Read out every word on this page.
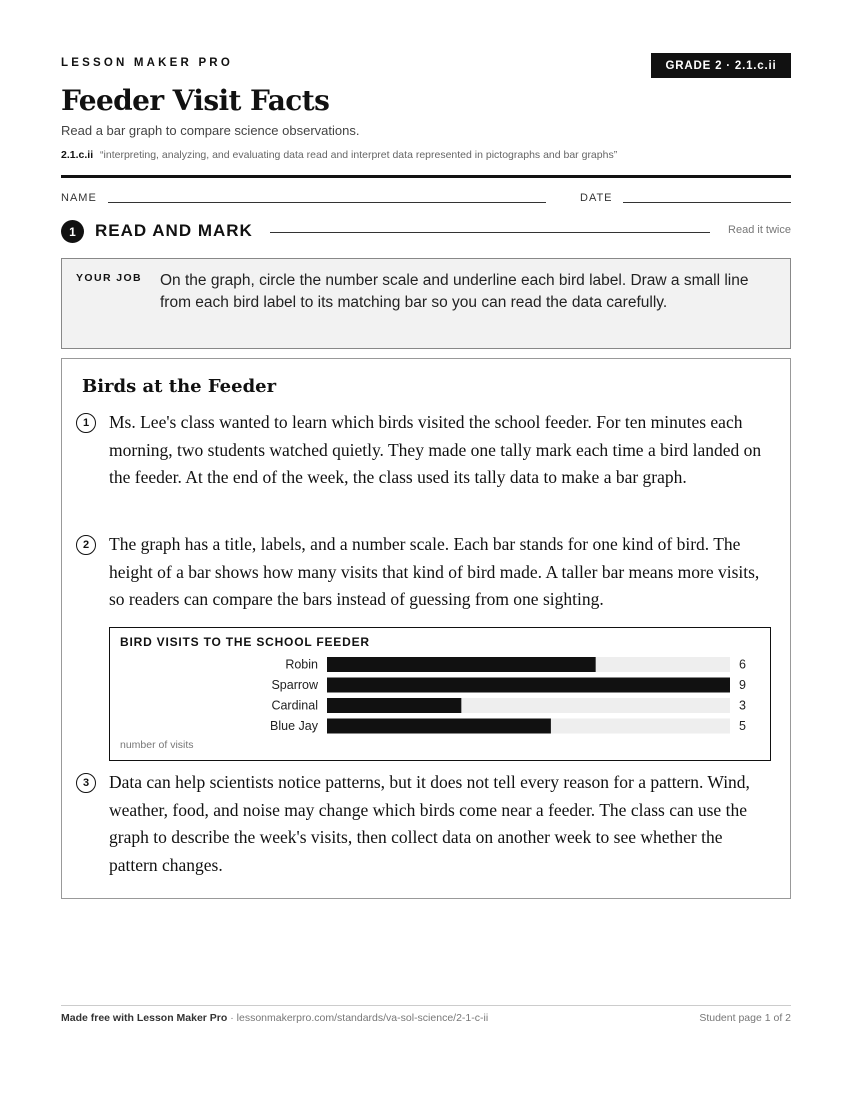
LESSON MAKER PRO	GRADE 2 · 2.1.c.ii
Feeder Visit Facts
Read a bar graph to compare science observations.
2.1.c.ii “interpreting, analyzing, and evaluating data read and interpret data represented in pictographs and bar graphs”
NAME	DATE
1	READ AND MARK	Read it twice
YOUR JOB On the graph, circle the number scale and underline each bird label. Draw a small line from each bird label to its matching bar so you can read the data carefully.
Birds at the Feeder
1	Ms. Lee's class wanted to learn which birds visited the school feeder. For ten minutes each morning, two students watched quietly. They made one tally mark each time a bird landed on the feeder. At the end of the week, the class used its tally data to make a bar graph.
2	The graph has a title, labels, and a number scale. Each bar stands for one kind of bird. The height of a bar shows how many visits that kind of bird made. A taller bar means more visits, so readers can compare the bars instead of guessing from one sighting.
BIRD VISITS TO THE SCHOOL FEEDER
Robin	6
Sparrow	9
Cardinal	3
Blue Jay	5
number of visits
3	Data can help scientists notice patterns, but it does not tell every reason for a pattern. Wind, weather, food, and noise may change which birds come near a feeder. The class can use the graph to describe the week's visits, then collect data on another week to see whether the pattern changes.
Made free with Lesson Maker Pro · lessonmakerpro.com/standards/va-sol-science/2-1-c-ii	Student page 1 of 2
